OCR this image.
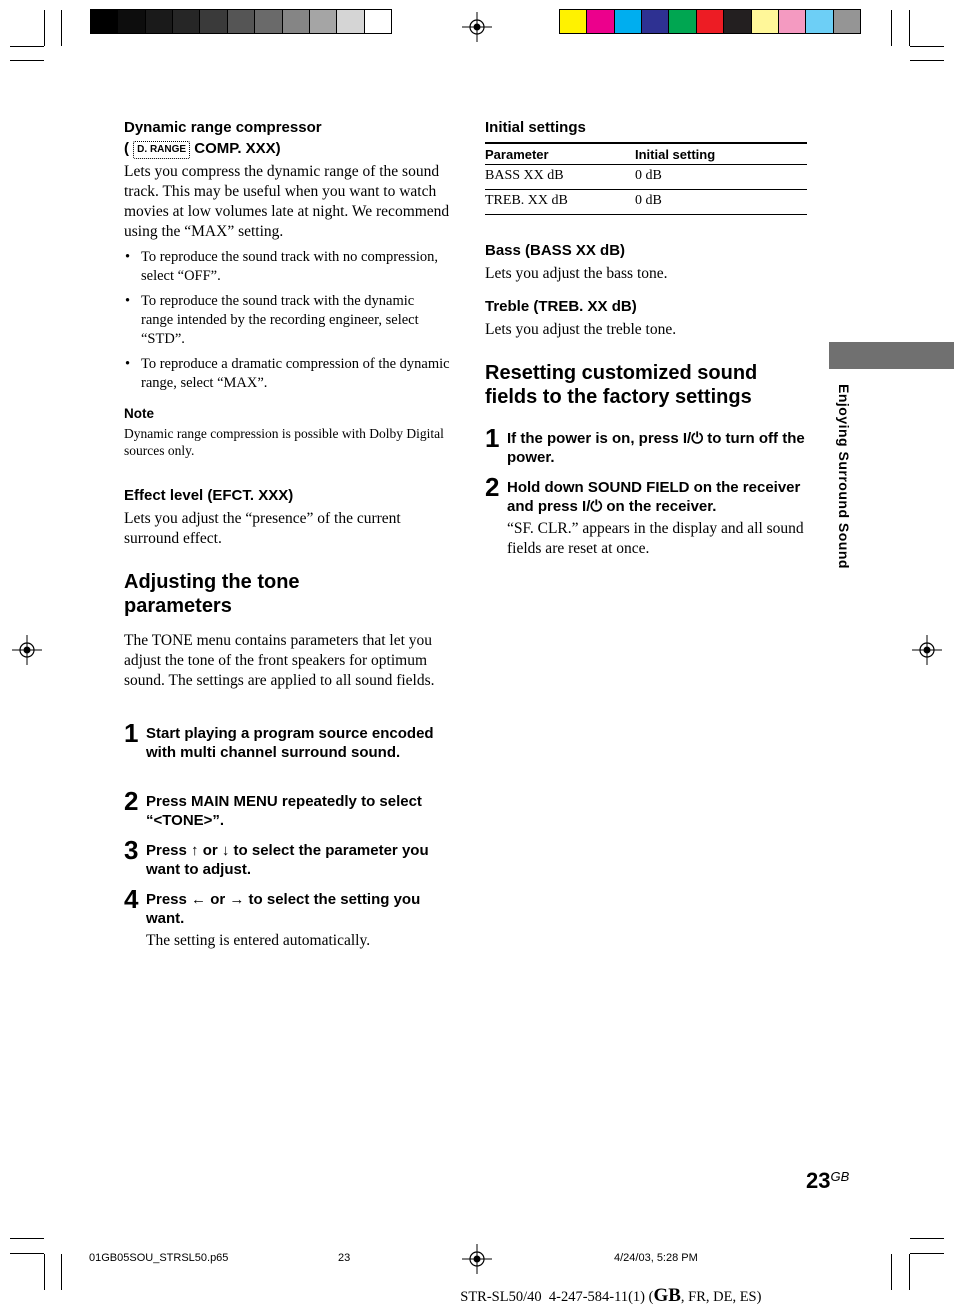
Dynamic range compressor
( D. RANGE COMP. XXX)
Lets you compress the dynamic range of the sound track. This may be useful when you want to watch movies at low volumes late at night. We recommend using the “MAX” setting.
• To reproduce the sound track with no compression, select “OFF”.
• To reproduce the sound track with the dynamic range intended by the recording engineer, select “STD”.
• To reproduce a dramatic compression of the dynamic range, select “MAX”.
Note
Dynamic range compression is possible with Dolby Digital sources only.
Effect level (EFCT. XXX)
Lets you adjust the “presence” of the current surround effect.
Adjusting the tone parameters
The TONE menu contains parameters that let you adjust the tone of the front speakers for optimum sound. The settings are applied to all sound fields.
1 Start playing a program source encoded with multi channel surround sound.
2 Press MAIN MENU repeatedly to select “<TONE>”.
3 Press ↑ or ↓ to select the parameter you want to adjust.
4 Press ← or → to select the setting you want.
The setting is entered automatically.
Initial settings
Parameter	Initial setting
BASS XX dB	0 dB
TREB. XX dB	0 dB
Bass (BASS XX dB)
Lets you adjust the bass tone.
Treble (TREB. XX dB)
Lets you adjust the treble tone.
Resetting customized sound fields to the factory settings
1 If the power is on, press I/⏻ to turn off the power.
2 Hold down SOUND FIELD on the receiver and press I/⏻ on the receiver.
“SF. CLR.” appears in the display and all sound fields are reset at once.	Enjoying Surround Sound
$23^{GB}$
01GB05SOU_STRSL50.p65	23	4/24/03, 5:28 PM

STR-SL50/40  4-247-584-11(1) (GB, FR, DE, ES)
